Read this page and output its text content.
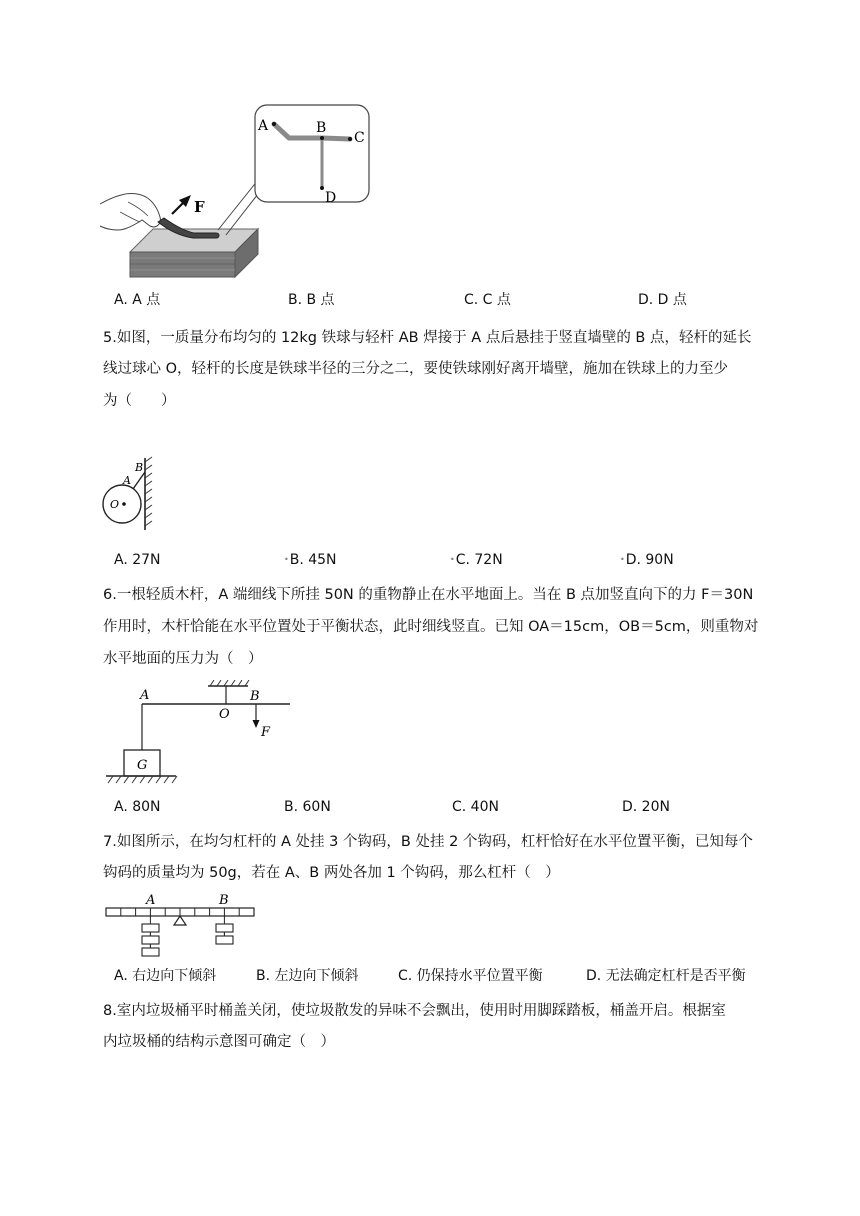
F
A	B
C
D
A. A 点	B. B 点	C. C 点	D. D 点
5.如图，一质量分布均匀的 12kg 铁球与轻杆 AB 焊接于 A 点后悬挂于竖直墙壁的 B 点，轻杆的延长
线过球心 O，轻杆的长度是铁球半径的三分之二，要使铁球刚好离开墙壁，施加在铁球上的力至少
为（　　）
B
A
O
A. 27N	•B. 45N	•C. 72N	•D. 90N
6.一根轻质木杆，A 端细线下所挂 50N 的重物静止在水平地面上。当在 B 点加竖直向下的力 F＝30N
作用时，木杆恰能在水平位置处于平衡状态，此时细线竖直。已知 OA＝15cm，OB＝5cm，则重物对
水平地面的压力为（　）
G
A
O
B
F
A. 80N	B. 60N	C. 40N	D. 20N
7.如图所示，在均匀杠杆的 A 处挂 3 个钩码，B 处挂 2 个钩码，杠杆恰好在水平位置平衡，已知每个
钩码的质量均为 50g，若在 A、B 两处各加 1 个钩码，那么杠杆（　）
A	B
A. 右边向下倾斜	B. 左边向下倾斜	C. 仍保持水平位置平衡	D. 无法确定杠杆是否平衡
8.室内垃圾桶平时桶盖关闭，使垃圾散发的异味不会飘出，使用时用脚踩踏板，桶盖开启。根据室
内垃圾桶的结构示意图可确定（　）
